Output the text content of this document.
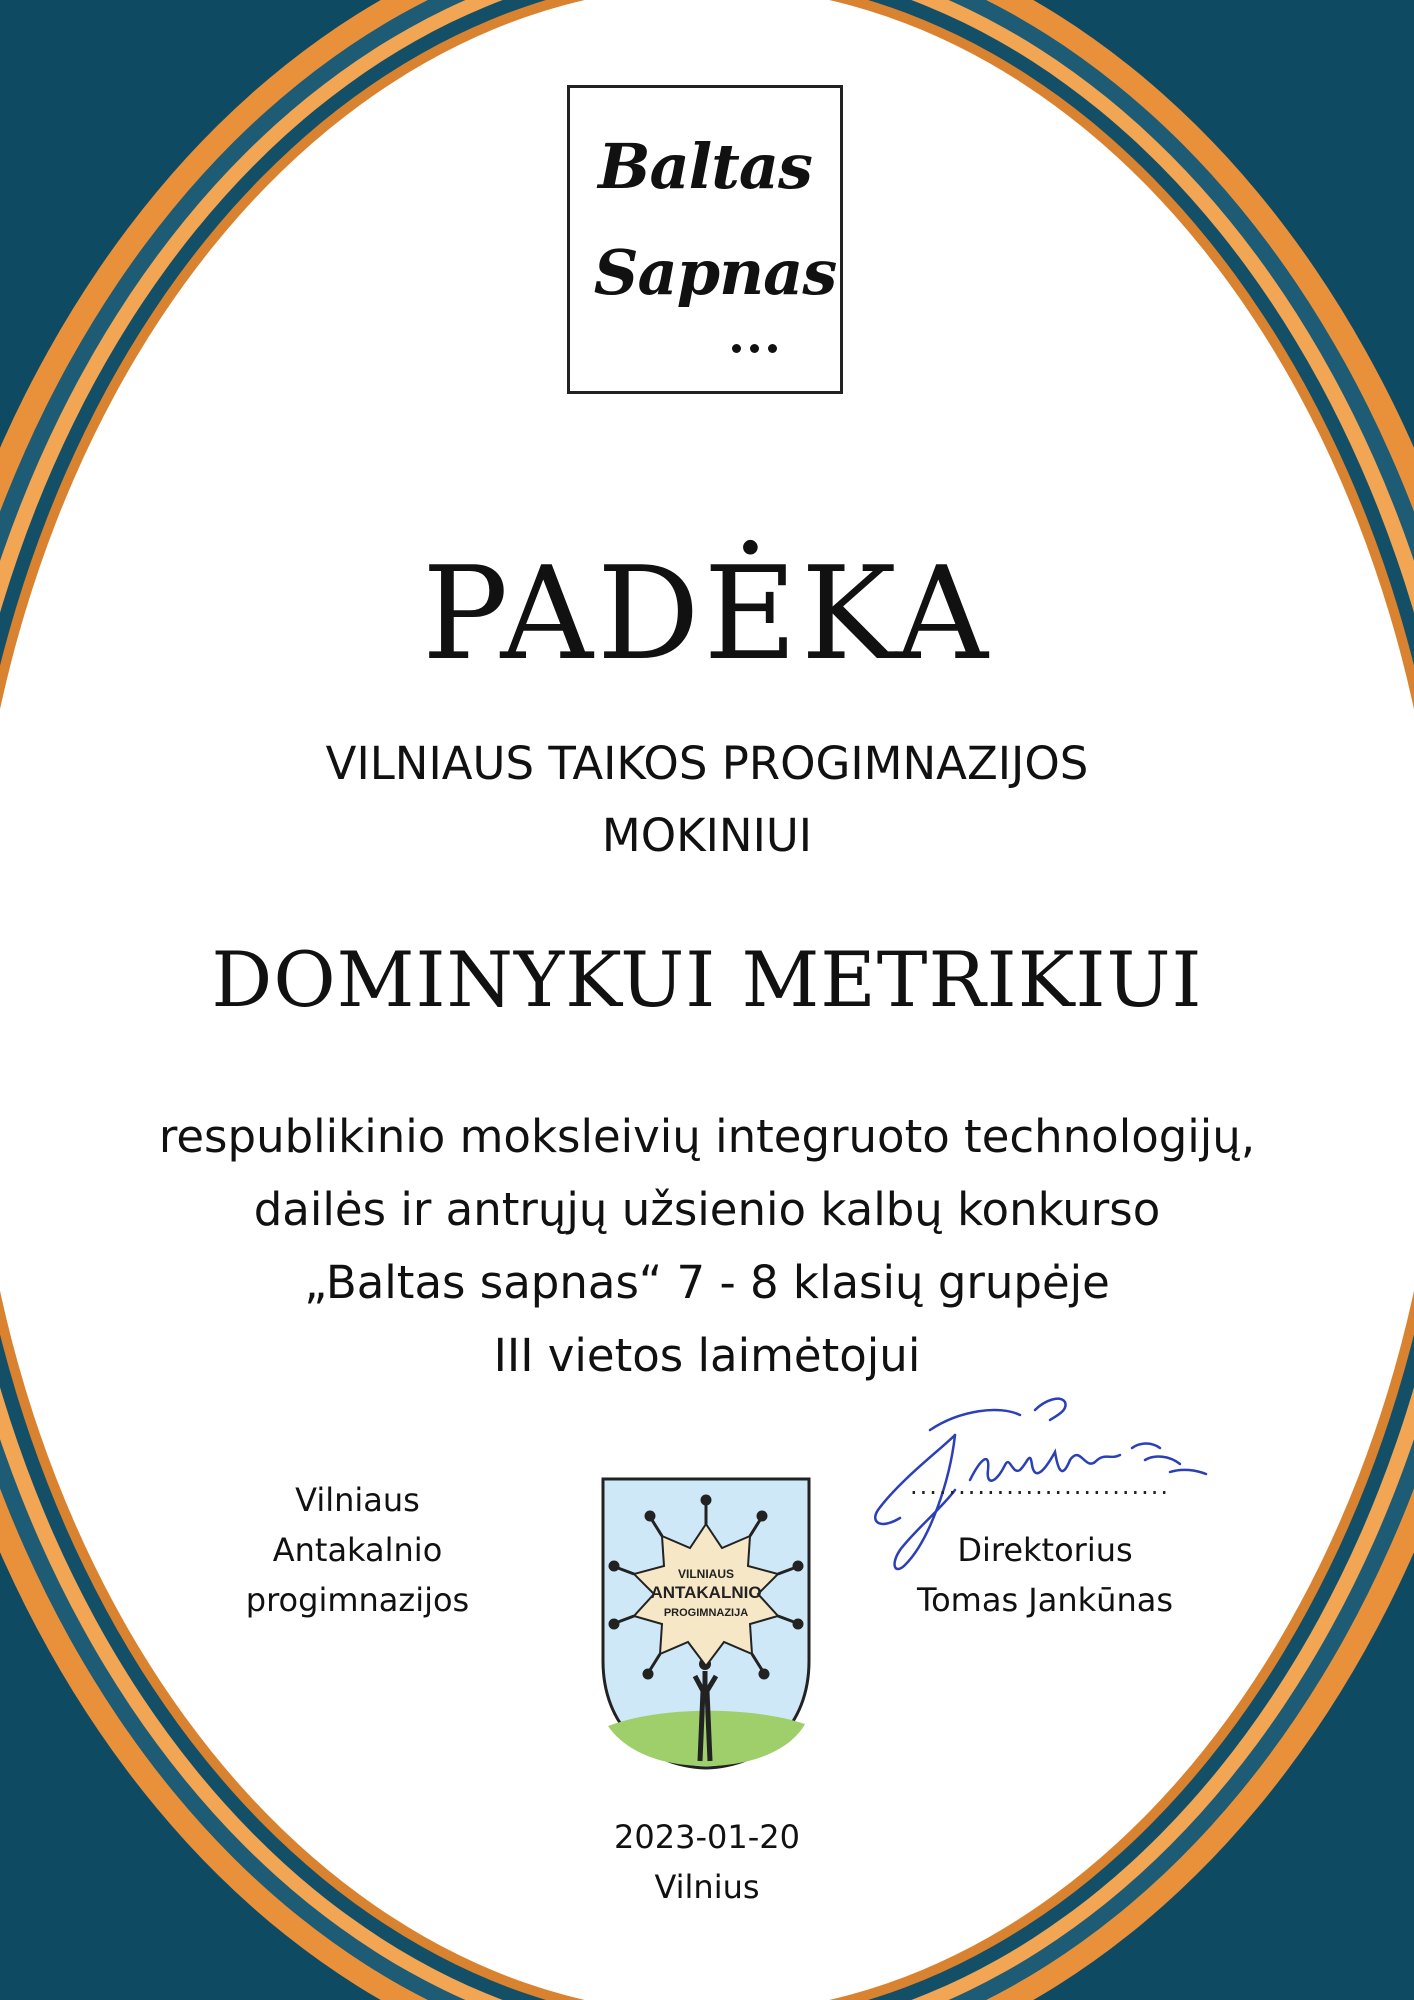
Baltas
Sapnas
PADĖKA
VILNIAUS TAIKOS PROGIMNAZIJOS
MOKINIUI
DOMINYKUI METRIKIUI
respublikinio moksleivių integruoto technologijų,
dailės ir antrųjų užsienio kalbų konkurso
„Baltas sapnas“ 7 - 8 klasių grupėje
III vietos laimėtojui
Vilniaus
Antakalnio
progimnazijos
VILNIAUS
ANTAKALNIO
PROGIMNAZIJA
...........................
Direktorius
Tomas Jankūnas
2023-01-20
Vilnius
